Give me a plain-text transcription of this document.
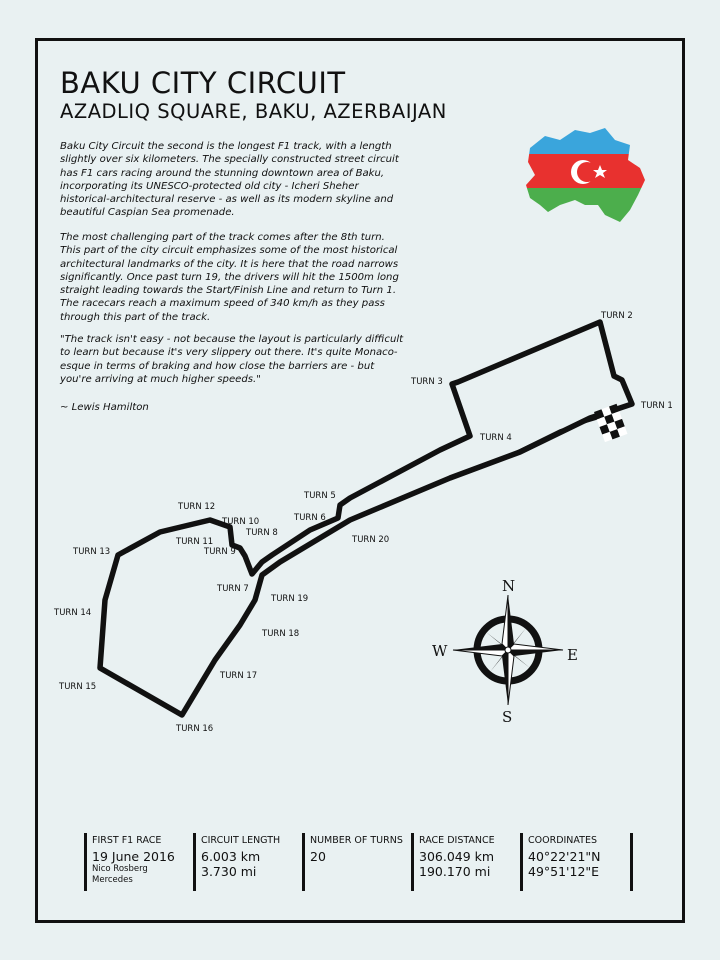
BAKU CITY CIRCUIT
AZADLIQ SQUARE, BAKU, AZERBAIJAN

Baku City Circuit the second is the longest F1 track, with a length slightly over six kilometers. The specially constructed street circuit has F1 cars racing around the stunning downtown area of Baku, incorporating its UNESCO-protected old city - Icheri Sheher historical-architectural reserve - as well as its modern skyline and beautiful Caspian Sea promenade.

The most challenging part of the track comes after the 8th turn. This part of the city circuit emphasizes some of the most historical architectural landmarks of the city. It is here that the road narrows significantly. Once past turn 19, the drivers will hit the 1500m long straight leading towards the Start/Finish Line and return to Turn 1. The racecars reach a maximum speed of 340 km/h as they pass through this part of the track.

"The track isn't easy - not because the layout is particularly difficult to learn but because it's very slippery out there. It's quite Monaco-esque in terms of braking and how close the barriers are - but you're arriving at much higher speeds."

~ Lewis Hamilton	TURN 1
TURN 2
TURN 3
TURN 4
TURN 5
TURN 6
TURN 7
TURN 8
TURN 9
TURN 10
TURN 11
TURN 12
TURN 13
TURN 14
TURN 15
TURN 16
TURN 17
TURN 18
TURN 19
TURN 20
N
E
S
W
FIRST F1 RACE
19 June 2016
Nico Rosberg
Mercedes
CIRCUIT LENGTH
6.003 km
3.730 mi
NUMBER OF TURNS
20
RACE DISTANCE
306.049 km
190.170 mi
COORDINATES
40°22'21"N
49°51'12"E
